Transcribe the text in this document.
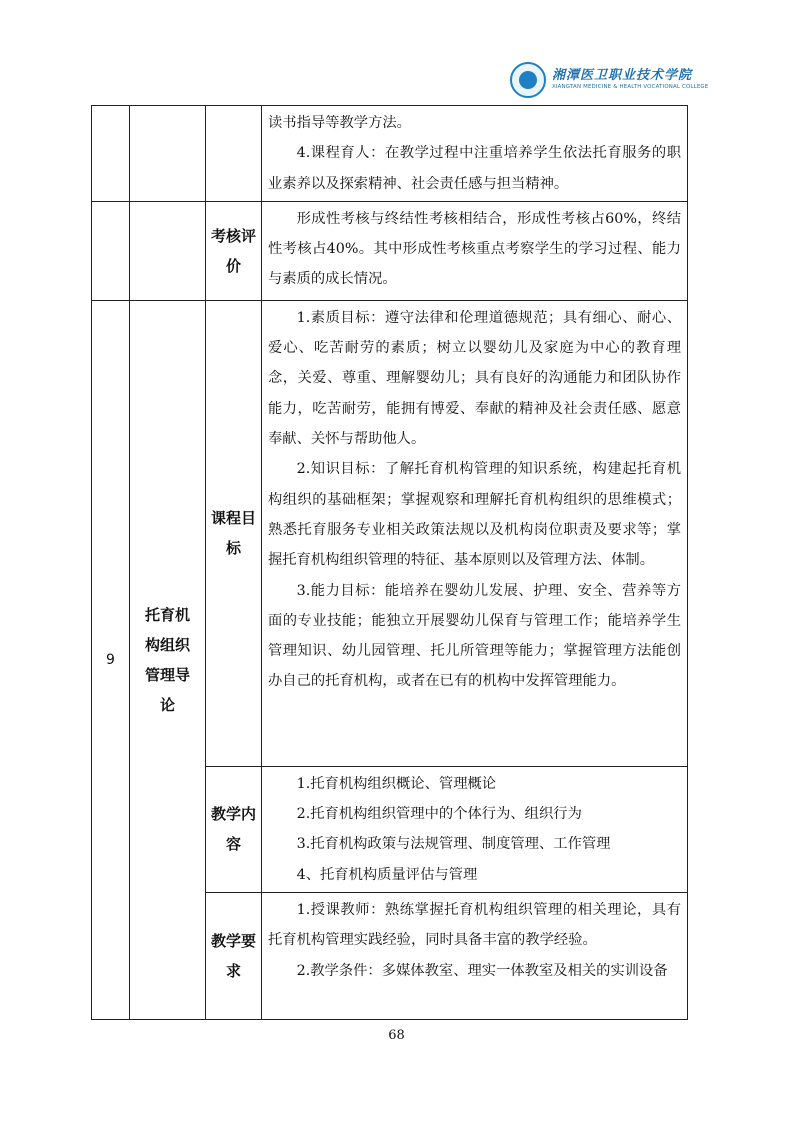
湘潭医卫职业技术学院
XIANGTAN MEDICINE & HEALTH VOCATIONAL COLLEGE

			读书指导等教学方法。

4.课程育人：在教学过程中注重培养学生依法托育服务的职业素养以及探索精神、社会责任感与担当精神。

		考核评价	形成性考核与终结性考核相结合，形成性考核占60%，终结性考核占40%。其中形成性考核重点考察学生的学习过程、能力与素质的成长情况。

9	托育机构组织管理导论	课程目标	1.素质目标：遵守法律和伦理道德规范；具有细心、耐心、爱心、吃苦耐劳的素质；树立以婴幼儿及家庭为中心的教育理念，关爱、尊重、理解婴幼儿；具有良好的沟通能力和团队协作能力，吃苦耐劳，能拥有博爱、奉献的精神及社会责任感、愿意奉献、关怀与帮助他人。

2.知识目标：了解托育机构管理的知识系统，构建起托育机构组织的基础框架；掌握观察和理解托育机构组织的思维模式；熟悉托育服务专业相关政策法规以及机构岗位职责及要求等；掌握托育机构组织管理的特征、基本原则以及管理方法、体制。

3.能力目标：能培养在婴幼儿发展、护理、安全、营养等方面的专业技能；能独立开展婴幼儿保育与管理工作；能培养学生管理知识、幼儿园管理、托儿所管理等能力；掌握管理方法能创办自己的托育机构，或者在已有的机构中发挥管理能力。

		教学内容	1.托育机构组织概论、管理概论

2.托育机构组织管理中的个体行为、组织行为

3.托育机构政策与法规管理、制度管理、工作管理

4、托育机构质量评估与管理

		教学要求	1.授课教师：熟练掌握托育机构组织管理的相关理论，具有托育机构管理实践经验，同时具备丰富的教学经验。

2.教学条件：多媒体教室、理实一体教室及相关的实训设备

68
